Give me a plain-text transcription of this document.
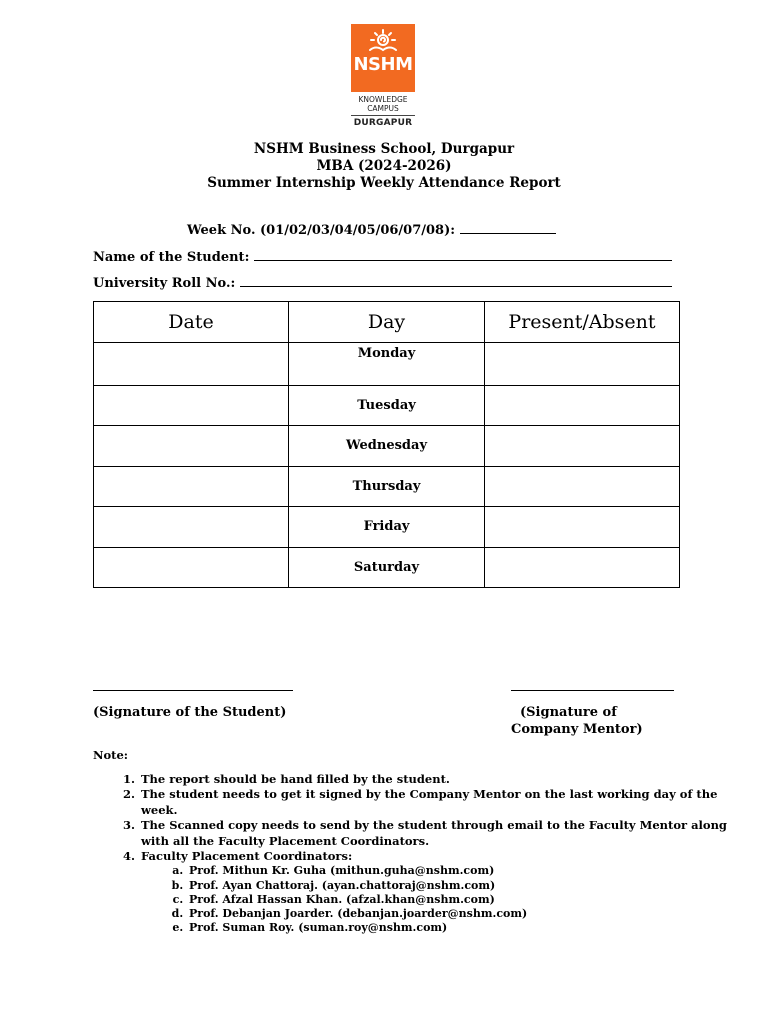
NSHM
KNOWLEDGE
CAMPUS
DURGAPUR
NSHM Business School, Durgapur
MBA (2024-2026)
Summer Internship Weekly Attendance Report
Week No. (01/02/03/04/05/06/07/08):
Name of the Student:
University Roll No.:
Date	Day	Present/Absent
	Monday	
	Tuesday	
	Wednesday	
	Thursday	
	Friday	
	Saturday	
(Signature of the Student)	(Signature of
Company Mentor)
Note:
1. The report should be hand filled by the student.
2. The student needs to get it signed by the Company Mentor on the last working day of the week.
3. The Scanned copy needs to send by the student through email to the Faculty Mentor along with all the Faculty Placement Coordinators.
4. Faculty Placement Coordinators:
a. Prof. Mithun Kr. Guha (mithun.guha@nshm.com)
b. Prof. Ayan Chattoraj. (ayan.chattoraj@nshm.com)
c. Prof. Afzal Hassan Khan. (afzal.khan@nshm.com)
d. Prof. Debanjan Joarder. (debanjan.joarder@nshm.com)
e. Prof. Suman Roy. (suman.roy@nshm.com)
